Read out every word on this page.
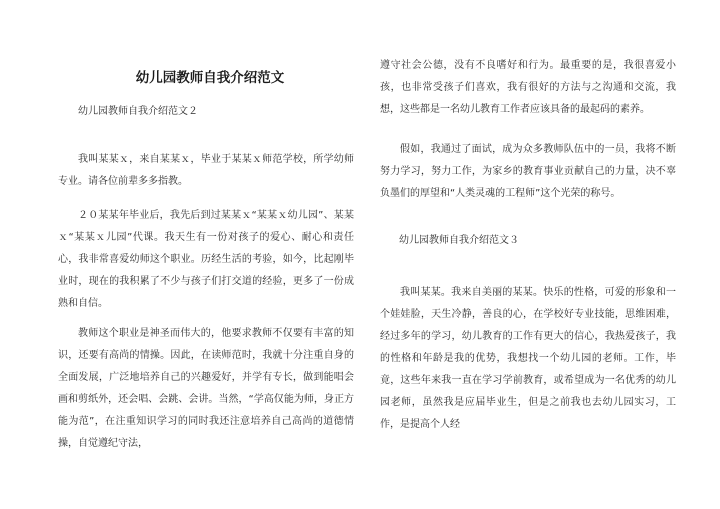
幼儿园教师自我介绍范文
幼儿园教师自我介绍范文２

我叫某某ｘ，来自某某ｘ，毕业于某某ｘ师范学校，所学幼师专业。请各位前辈多多指教。

２０某某年毕业后，我先后到过某某ｘ“某某ｘ幼儿园”、某某ｘ“某某ｘ儿园”代课。我天生有一份对孩子的爱心、耐心和责任心，我非常喜爱幼师这个职业。历经生活的考验，如今，比起刚毕业时，现在的我积累了不少与孩子们打交道的经验，更多了一份成熟和自信。

教师这个职业是神圣而伟大的，他要求教师不仅要有丰富的知识，还要有高尚的情操。因此，在读师范时，我就十分注重自身的全面发展，广泛地培养自己的兴趣爱好，并学有专长，做到能唱会画和剪纸外，还会唱、会跳、会讲。当然，“学高仅能为师，身正方能为范”，在注重知识学习的同时我还注意培养自己高尚的道德情操，自觉遵纪守法，

遵守社会公德，没有不良嗜好和行为。最重要的是，我很喜爱小孩，也非常受孩子们喜欢，我有很好的方法与之沟通和交流，我想，这些都是一名幼儿教育工作者应该具备的最起码的素养。

假如，我通过了面试，成为众多教师队伍中的一员，我将不断努力学习，努力工作，为家乡的教育事业贡献自己的力量，决不辜负墨们的厚望和“人类灵魂的工程师”这个光荣的称号。

幼儿园教师自我介绍范文３

我叫某某。我来自美丽的某某。快乐的性格，可爱的形象和一个娃娃脸，天生冷静，善良的心，在学校好专业技能，思维困难，经过多年的学习，幼儿教育的工作有更大的信心，我热爱孩子，我的性格和年龄是我的优势，我想找一个幼儿园的老师。工作，毕竟，这些年来我一直在学习学前教育，或希望成为一名优秀的幼儿园老师，虽然我是应届毕业生，但是之前我也去幼儿园实习，工作，是提高个人经
